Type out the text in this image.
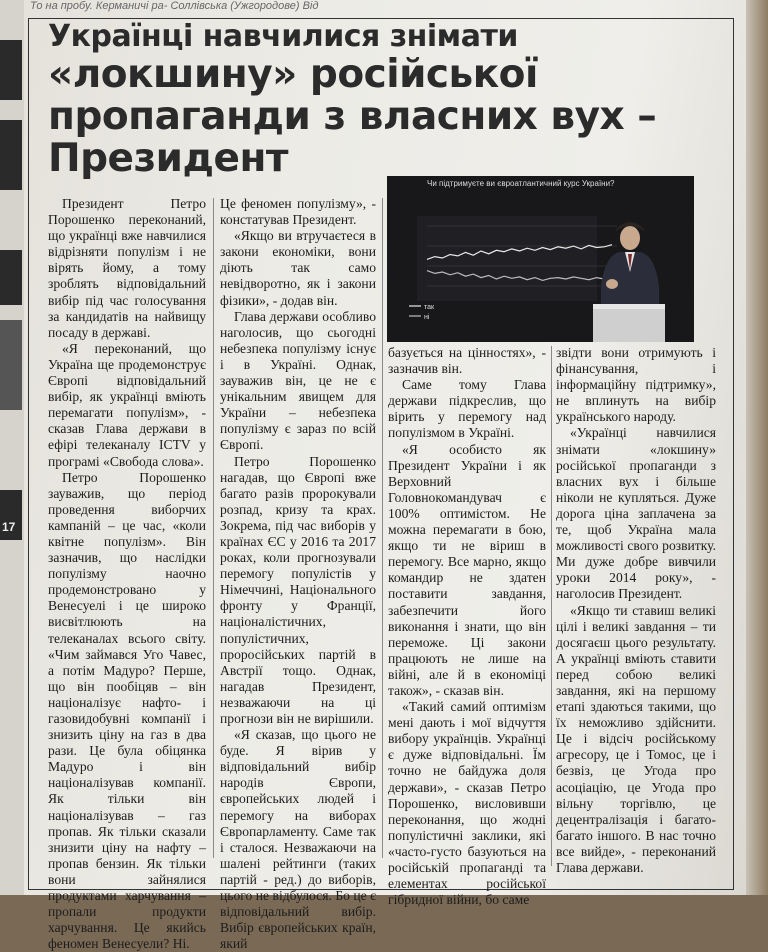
17
То на пробу. Керманичі ра- Соллівська (Ужгородове) Від
Українці навчилися знімати
«локшину» російської
пропаганди з власних вух –
Президент
Чи підтримуєте ви євроатлантичний курс України?
так
ні

Президент Петро Порошенко переконаний, що українці вже навчилися відрізняти популізм і не вірять йому, а тому зроблять відповідальний вибір під час голосування за кандидатів на найвищу посаду в державі.

«Я переконаний, що Україна ще продемонструє Європі відповідальний вибір, як українці вміють перемагати популізм», - сказав Глава держави в ефірі телеканалу ICTV у програмі «Свобода слова».

Петро Порошенко зауважив, що період проведення виборчих кампаній – це час, «коли квітне популізм». Він зазначив, що наслідки популізму наочно продемонстровано у Венесуелі і це широко висвітлюють на телеканалах всього світу. «Чим займався Уго Чавес, а потім Мадуро? Перше, що він пообіцяв – він націоналізує нафто- і газовидобувні компанії і знизить ціну на газ в два рази. Це була обіцянка Мадуро і він націоналізував компанії. Як тільки він націоналізував – газ пропав. Як тільки сказали знизити ціну на нафту – пропав бензин. Як тільки вони зайнялися продуктами харчування – пропали продукти харчування. Це якийсь феномен Венесуели? Ні.

Це феномен популізму», - констатував Президент.

«Якщо ви втручаєтеся в закони економіки, вони діють так само невідворотно, як і закони фізики», - додав він.

Глава держави особливо наголосив, що сьогодні небезпека популізму існує і в Україні. Однак, зауважив він, це не є унікальним явищем для України – небезпека популізму є зараз по всій Європі.

Петро Порошенко нагадав, що Європі вже багато разів пророкували розпад, кризу та крах. Зокрема, під час виборів у країнах ЄС у 2016 та 2017 роках, коли прогнозували перемогу популістів у Німеччині, Національного фронту у Франції, націоналістичних, популістичних, проросійських партій в Австрії тощо. Однак, нагадав Президент, незважаючи на ці прогнози він не вирішили.

«Я сказав, що цього не буде. Я вірив у відповідальний вибір народів Європи, європейських людей і перемогу на виборах Європарламенту. Саме так і сталося. Незважаючи на шалені рейтинги (таких партій - ред.) до виборів, цього не відбулося. Бо це є відповідальний вибір. Вибір європейських країн, який

базується на цінностях», - зазначив він.

Саме тому Глава держави підкреслив, що вірить у перемогу над популізмом в Україні.

«Я особисто як Президент України і як Верховний Головнокомандувач є 100% оптимістом. Не можна перемагати в бою, якщо ти не віриш в перемогу. Все марно, якщо командир не здатен поставити завдання, забезпечити його виконання і знати, що він переможе. Ці закони працюють не лише на війні, але й в економіці також», - сказав він.

«Такий самий оптимізм мені дають і мої відчуття вибору українців. Українці є дуже відповідальні. Їм точно не байдужа доля держави», - сказав Петро Порошенко, висловивши переконання, що жодні популістичні заклики, які «часто-густо базуються на російській пропаганді та елементах російської гібридної війни, бо саме

звідти вони отримують і фінансування, і інформаційну підтримку», не вплинуть на вибір українського народу.

«Українці навчилися знімати «локшину» російської пропаганди з власних вух і більше ніколи не купляться. Дуже дорога ціна заплачена за те, щоб Україна мала можливості свого розвитку. Ми дуже добре вивчили уроки 2014 року», - наголосив Президент.

«Якщо ти ставиш великі цілі і великі завдання – ти досягаєш цього результату. А українці вміють ставити перед собою великі завдання, які на першому етапі здаються такими, що їх неможливо здійснити. Це і відсіч російському агресору, це і Томос, це і безвіз, це Угода про асоціацію, це Угода про вільну торгівлю, це децентралізація і багато-багато іншого. В нас точно все вийде», - переконаний Глава держави.
